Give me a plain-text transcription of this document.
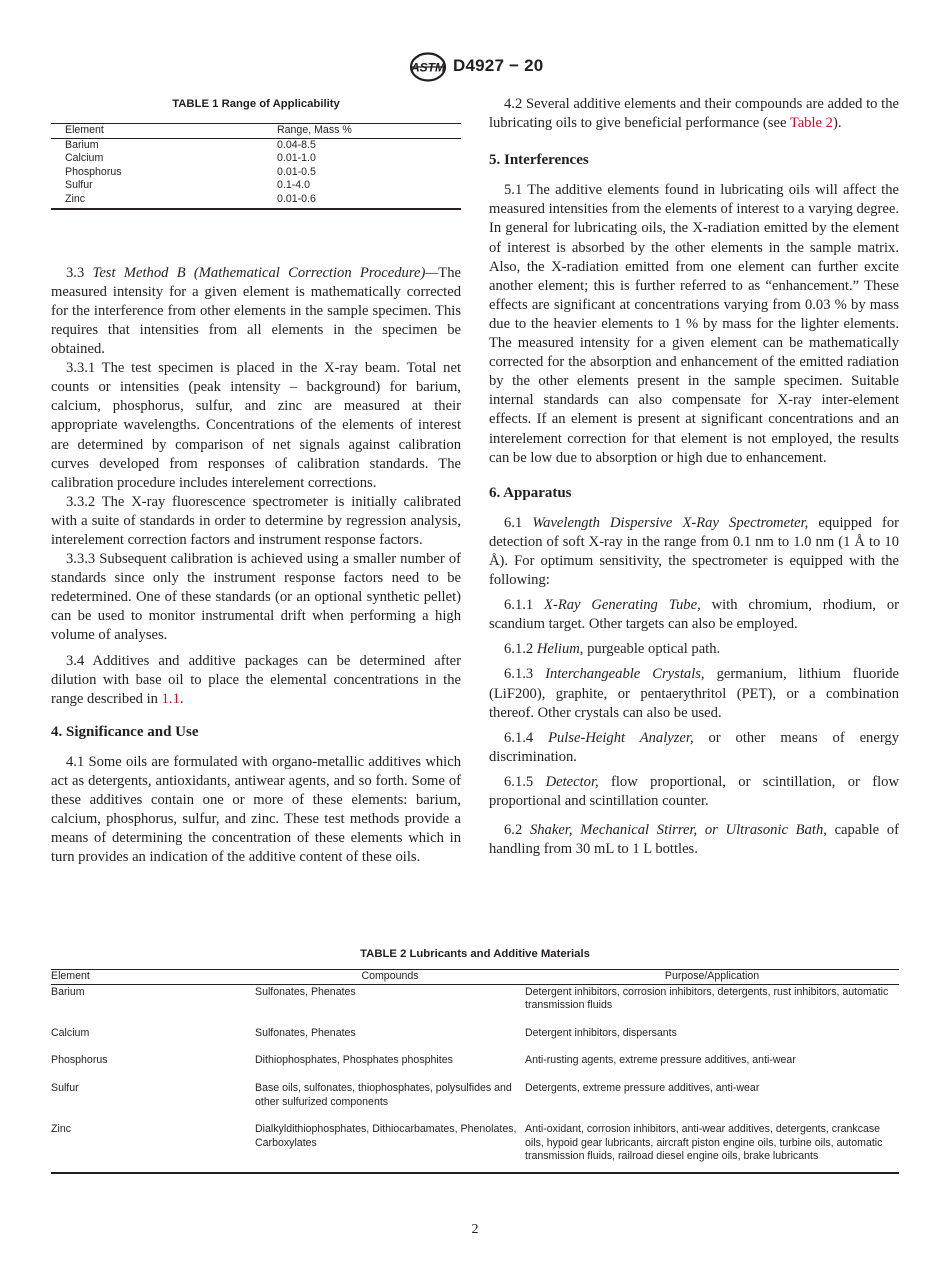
ASTM D4927 − 20
TABLE 1 Range of Applicability
Element	Range, Mass %
Barium	0.04-8.5
Calcium	0.01-1.0
Phosphorus	0.01-0.5
Sulfur	0.1-4.0
Zinc	0.01-0.6

3.3 Test Method B (Mathematical Correction Procedure)—The measured intensity for a given element is mathematically corrected for the interference from other elements in the sample specimen. This requires that intensities from all elements in the specimen be obtained.

3.3.1 The test specimen is placed in the X-ray beam. Total net counts or intensities (peak intensity – background) for barium, calcium, phosphorus, sulfur, and zinc are measured at their appropriate wavelengths. Concentrations of the elements of interest are determined by comparison of net signals against calibration curves developed from responses of calibration standards. The calibration procedure includes interelement corrections.

3.3.2 The X-ray fluorescence spectrometer is initially calibrated with a suite of standards in order to determine by regression analysis, interelement correction factors and instrument response factors.

3.3.3 Subsequent calibration is achieved using a smaller number of standards since only the instrument response factors need to be redetermined. One of these standards (or an optional synthetic pellet) can be used to monitor instrumental drift when performing a high volume of analyses.

3.4 Additives and additive packages can be determined after dilution with base oil to place the elemental concentrations in the range described in 1.1.

4. Significance and Use

4.1 Some oils are formulated with organo-metallic additives which act as detergents, antioxidants, antiwear agents, and so forth. Some of these additives contain one or more of these elements: barium, calcium, phosphorus, sulfur, and zinc. These test methods provide a means of determining the concentration of these elements which in turn provides an indication of the additive content of these oils.

4.2 Several additive elements and their compounds are added to the lubricating oils to give beneficial performance (see Table 2).

5. Interferences

5.1 The additive elements found in lubricating oils will affect the measured intensities from the elements of interest to a varying degree. In general for lubricating oils, the X-radiation emitted by the element of interest is absorbed by the other elements in the sample matrix. Also, the X-radiation emitted from one element can further excite another element; this is further referred to as “enhancement.” These effects are significant at concentrations varying from 0.03 % by mass due to the heavier elements to 1 % by mass for the lighter elements. The measured intensity for a given element can be mathematically corrected for the absorption and enhancement of the emitted radiation by the other elements present in the sample specimen. Suitable internal standards can also compensate for X-ray inter-element effects. If an element is present at significant concentrations and an interelement correction for that element is not employed, the results can be low due to absorption or high due to enhancement.

6. Apparatus

6.1 Wavelength Dispersive X-Ray Spectrometer, equipped for detection of soft X-ray in the range from 0.1 nm to 1.0 nm (1 Å to 10 Å). For optimum sensitivity, the spectrometer is equipped with the following:

6.1.1 X-Ray Generating Tube, with chromium, rhodium, or scandium target. Other targets can also be employed.

6.1.2 Helium, purgeable optical path.

6.1.3 Interchangeable Crystals, germanium, lithium fluoride (LiF200), graphite, or pentaerythritol (PET), or a combination thereof. Other crystals can also be used.

6.1.4 Pulse-Height Analyzer, or other means of energy discrimination.

6.1.5 Detector, flow proportional, or scintillation, or flow proportional and scintillation counter.

6.2 Shaker, Mechanical Stirrer, or Ultrasonic Bath, capable of handling from 30 mL to 1 L bottles.

TABLE 2 Lubricants and Additive Materials
Element	Compounds	Purpose/Application
Barium	Sulfonates, Phenates	Detergent inhibitors, corrosion inhibitors, detergents, rust inhibitors, automatic transmission fluids
Calcium	Sulfonates, Phenates	Detergent inhibitors, dispersants
Phosphorus	Dithiophosphates, Phosphates phosphites	Anti-rusting agents, extreme pressure additives, anti-wear
Sulfur	Base oils, sulfonates, thiophosphates, polysulfides and other sulfurized components	Detergents, extreme pressure additives, anti-wear
Zinc	Dialkyldithiophosphates, Dithiocarbamates, Phenolates, Carboxylates	Anti-oxidant, corrosion inhibitors, anti-wear additives, detergents, crankcase oils, hypoid gear lubricants, aircraft piston engine oils, turbine oils, automatic transmission fluids, railroad diesel engine oils, brake lubricants
2
